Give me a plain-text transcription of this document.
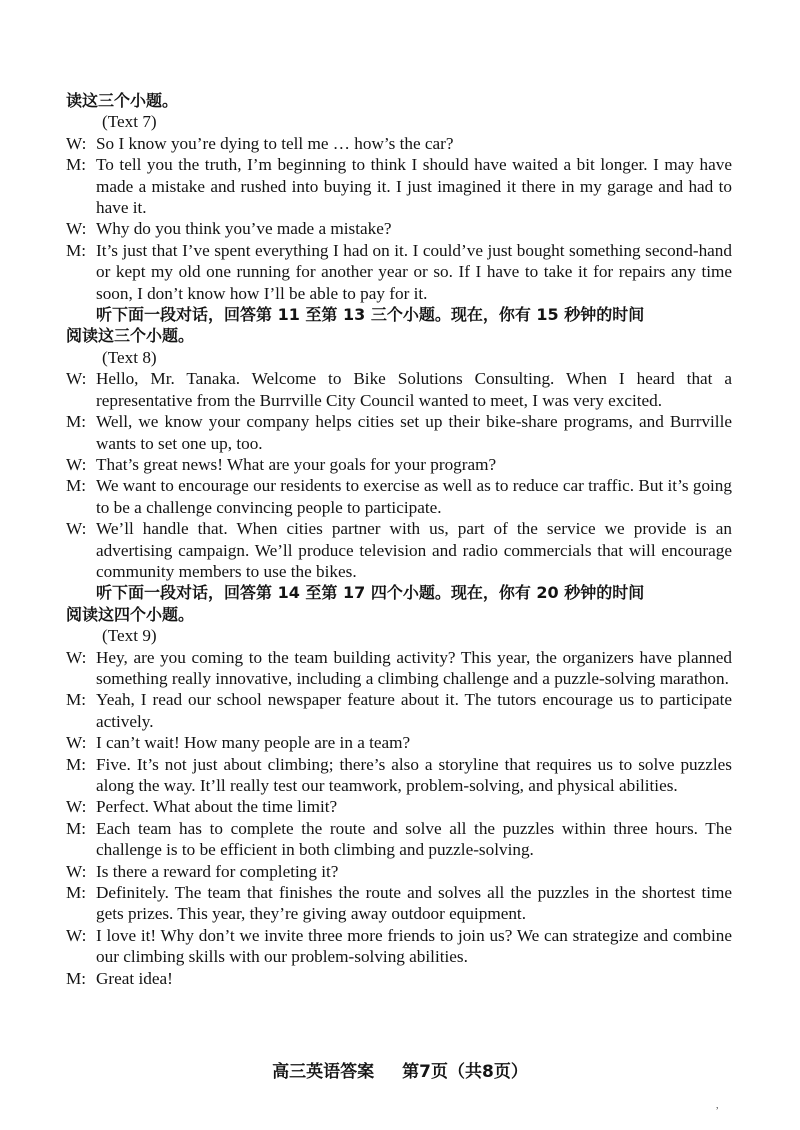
读这三个小题。

(Text 7)

W: So I know you’re dying to tell me … how’s the car?
M: To tell you the truth, I’m beginning to think I should have waited a bit longer. I may have made a mistake and rushed into buying it. I just imagined it there in my garage and had to have it.
W: Why do you think you’ve made a mistake?
M: It’s just that I’ve spent everything I had on it. I could’ve just bought something second-hand or kept my old one running for another year or so. If I have to take it for repairs any time soon, I don’t know how I’ll be able to pay for it.

听下面一段对话，回答第 11 至第 13 三个小题。现在，你有 15 秒钟的时间

阅读这三个小题。

(Text 8)

W: Hello, Mr. Tanaka. Welcome to Bike Solutions Consulting. When I heard that a representative from the Burrville City Council wanted to meet, I was very excited.
M: Well, we know your company helps cities set up their bike-share programs, and Burrville wants to set one up, too.
W: That’s great news! What are your goals for your program?
M: We want to encourage our residents to exercise as well as to reduce car traffic. But it’s going to be a challenge convincing people to participate.
W: We’ll handle that. When cities partner with us, part of the service we provide is an advertising campaign. We’ll produce television and radio commercials that will encourage community members to use the bikes.

听下面一段对话，回答第 14 至第 17 四个小题。现在，你有 20 秒钟的时间

阅读这四个小题。

(Text 9)

W: Hey, are you coming to the team building activity? This year, the organizers have planned something really innovative, including a climbing challenge and a puzzle-solving marathon.
M: Yeah, I read our school newspaper feature about it. The tutors encourage us to participate actively.
W: I can’t wait! How many people are in a team?
M: Five. It’s not just about climbing; there’s also a storyline that requires us to solve puzzles along the way. It’ll really test our teamwork, problem-solving, and physical abilities.
W: Perfect. What about the time limit?
M: Each team has to complete the route and solve all the puzzles within three hours. The challenge is to be efficient in both climbing and puzzle-solving.
W: Is there a reward for completing it?
M: Definitely. The team that finishes the route and solves all the puzzles in the shortest time gets prizes. This year, they’re giving away outdoor equipment.
W: I love it! Why don’t we invite three more friends to join us? We can strategize and combine our climbing skills with our problem-solving abilities.
M: Great idea!
高三英语答案 第7页（共8页）
,
